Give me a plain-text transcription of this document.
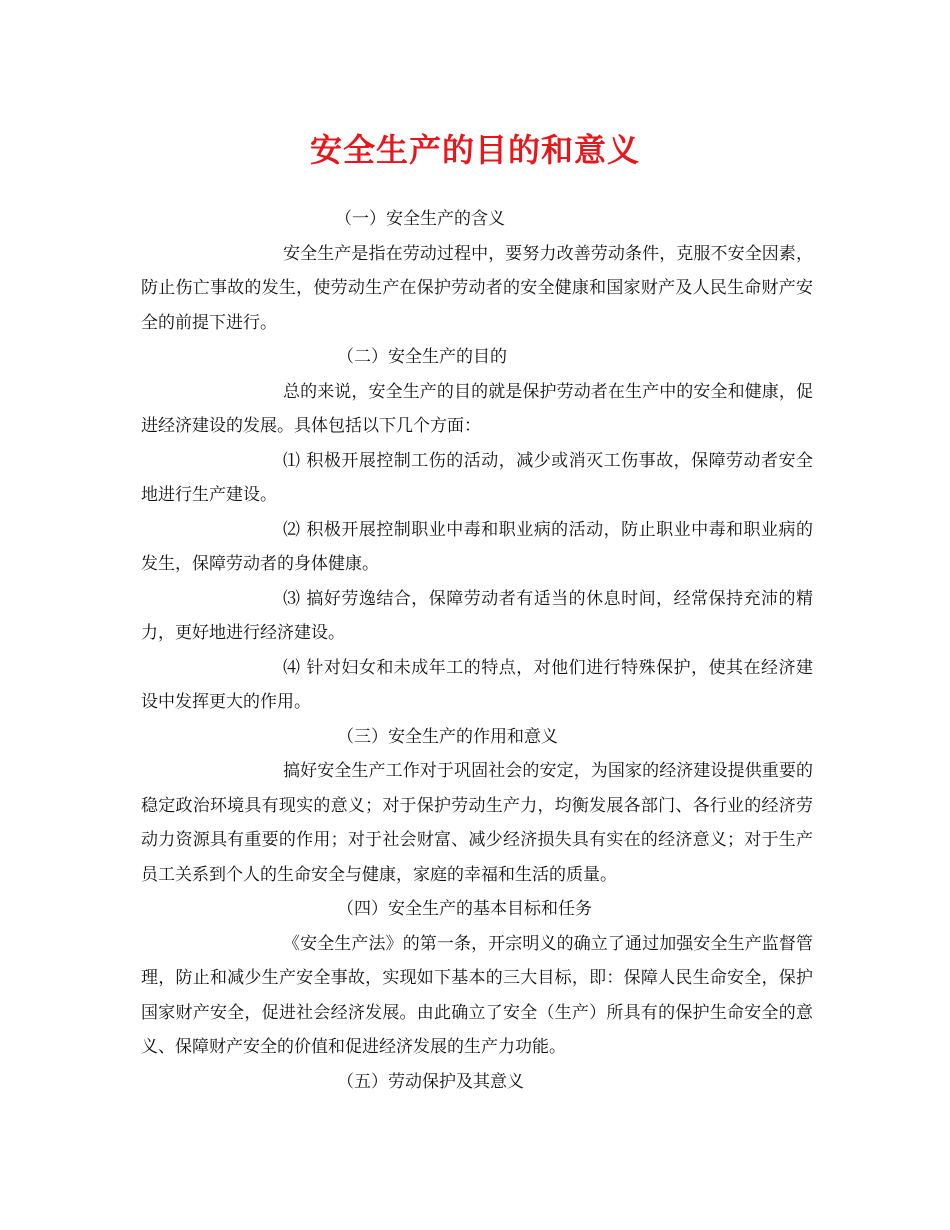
安全生产的目的和意义

（一）安全生产的含义

安全生产是指在劳动过程中，要努力改善劳动条件，克服不安全因素，防止伤亡事故的发生，使劳动生产在保护劳动者的安全健康和国家财产及人民生命财产安全的前提下进行。

（二）安全生产的目的

总的来说，安全生产的目的就是保护劳动者在生产中的安全和健康，促进经济建设的发展。具体包括以下几个方面：

⑴ 积极开展控制工伤的活动，减少或消灭工伤事故，保障劳动者安全地进行生产建设。

⑵ 积极开展控制职业中毒和职业病的活动，防止职业中毒和职业病的发生，保障劳动者的身体健康。

⑶ 搞好劳逸结合，保障劳动者有适当的休息时间，经常保持充沛的精力，更好地进行经济建设。

⑷ 针对妇女和未成年工的特点，对他们进行特殊保护，使其在经济建设中发挥更大的作用。

（三）安全生产的作用和意义

搞好安全生产工作对于巩固社会的安定，为国家的经济建设提供重要的稳定政治环境具有现实的意义；对于保护劳动生产力，均衡发展各部门、各行业的经济劳动力资源具有重要的作用；对于社会财富、减少经济损失具有实在的经济意义；对于生产员工关系到个人的生命安全与健康，家庭的幸福和生活的质量。

（四）安全生产的基本目标和任务

《安全生产法》的第一条，开宗明义的确立了通过加强安全生产监督管理，防止和减少生产安全事故，实现如下基本的三大目标，即：保障人民生命安全，保护国家财产安全，促进社会经济发展。由此确立了安全（生产）所具有的保护生命安全的意义、保障财产安全的价值和促进经济发展的生产力功能。

（五）劳动保护及其意义
